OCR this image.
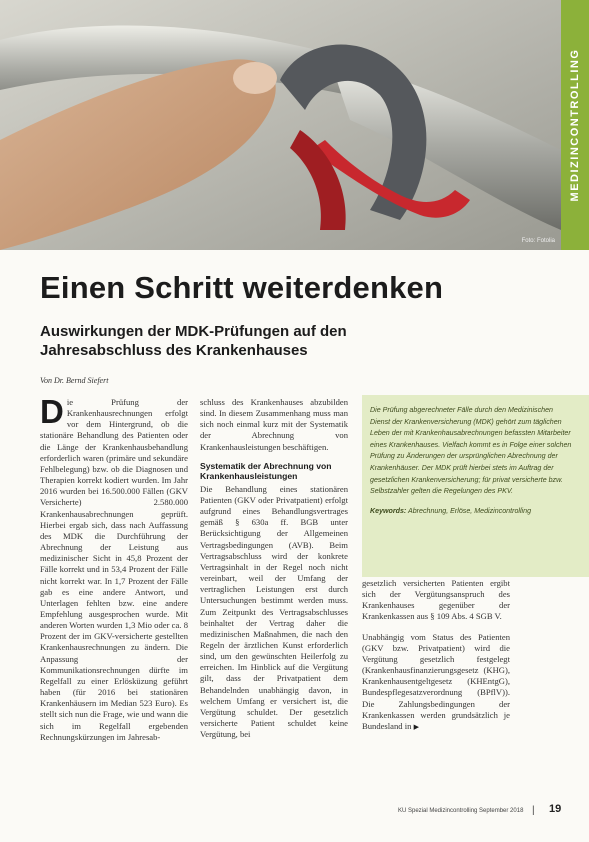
Foto: Fotolia
MEDIZINCONTROLLING
Einen Schritt weiterdenken
Auswirkungen der MDK-Prüfungen auf den Jahresabschluss des Krankenhauses
Von Dr. Bernd Siefert
D ie Prüfung der Krankenhausrechnungen erfolgt vor dem Hintergrund, ob die stationäre Behandlung des Patienten oder die Länge der Krankenhausbehandlung erforderlich waren (primäre und sekundäre Fehlbelegung) bzw. ob die Diagnosen und Therapien korrekt kodiert wurden. Im Jahr 2016 wurden bei 16.500.000 Fällen (GKV Versicherte) 2.580.000 Krankenhausabrechnungen geprüft. Hierbei ergab sich, dass nach Auffassung des MDK die Durchführung der Abrechnung der Leistung aus medizinischer Sicht in 45,8 Prozent der Fälle korrekt und in 53,4 Prozent der Fälle nicht korrekt war. In 1,7 Prozent der Fälle gab es eine andere Antwort, und Unterlagen fehlten bzw. eine andere Empfehlung ausgesprochen wurde. Mit anderen Worten wurden 1,3 Mio oder ca. 8 Prozent der im GKV-versicherte gestellten Krankenhausrechnungen zu ändern. Die Anpassung der Kommunikationsrechnungen dürfte im Regelfall zu einer Erlösküzung geführt haben (für 2016 bei stationären Krankenhäusern im Median 523 Euro). Es stellt sich nun die Frage, wie und wann die sich im Regelfall ergebenden Rechnungskürzungen im Jahresab-

schluss des Krankenhauses abzubilden sind. In diesem Zusammenhang muss man sich noch einmal kurz mit der Systematik der Abrechnung von Krankenhausleistungen beschäftigen.

Systematik der Abrechnung von Krankenhausleistungen

Die Behandlung eines stationären Patienten (GKV oder Privatpatient) erfolgt aufgrund eines Behandlungsvertrages gemäß § 630a ff. BGB unter Berücksichtigung der Allgemeinen Vertragsbedingungen (AVB). Beim Vertragsabschluss wird der konkrete Vertragsinhalt in der Regel noch nicht vereinbart, weil der Umfang der vertraglichen Leistungen erst durch Untersuchungen bestimmt werden muss. Zum Zeitpunkt des Vertragsabschlusses beinhaltet der Vertrag daher die medizinischen Maßnahmen, die nach den Regeln der ärztlichen Kunst erforderlich sind, um den gewünschten Heilerfolg zu erreichen. Im Hinblick auf die Vergütung gilt, dass der Privatpatient dem Behandelnden unabhängig davon, in welchem Umfang er versichert ist, die Vergütung schuldet. Der gesetzlich versicherte Patient schuldet keine Vergütung, bei

Die Prüfung abgerechneter Fälle durch den Medizinischen Dienst der Krankenversicherung (MDK) gehört zum täglichen Leben der mit Krankenhausabrechnungen befassten Mitarbeiter eines Krankenhauses. Vielfach kommt es in Folge einer solchen Prüfung zu Änderungen der ursprünglichen Abrechnung der Krankenhäuser. Der MDK prüft hierbei stets im Auftrag der gesetzlichen Krankenversicherung; für privat versicherte bzw. Selbstzahler gelten die Regelungen des PKV.
Keywords: Abrechnung, Erlöse, Medizincontrolling

gesetzlich versicherten Patienten ergibt sich der Vergütungsanspruch des Krankenhauses gegenüber der Krankenkassen aus § 109 Abs. 4 SGB V.

Unabhängig vom Status des Patienten (GKV bzw. Privatpatient) wird die Vergütung gesetzlich festgelegt (Krankenhausfinanzierungsgesetz (KHG), Krankenhausentgeltgesetz (KHEntgG), Bundespflegesatzverordnung (BPflV)). Die Zahlungsbedingungen der Krankenkassen werden grundsätzlich je Bundesland in ▶

KU Spezial Medizincontrolling September 2018 | 19
